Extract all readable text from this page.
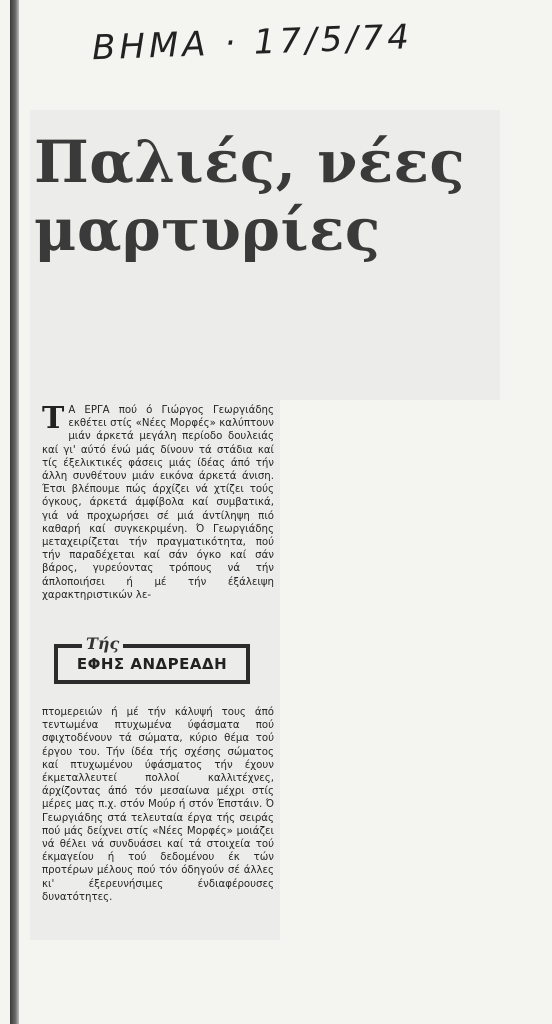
ΒΗΜΑ · 17/5/74
Παλιές, νέες
μαρτυρίες

Τ Α ΕΡΓΑ πού ό Γιώργος Γεωργιάδης εκθέτει στίς «Νέες Μορφές» καλύπτουν μιάν άρκετά μεγάλη περίοδο δουλειάς καί γι' αύτό ένώ μάς δίνουν τά στάδια καί τίς έξελικτικές φάσεις μιάς ίδέας άπό τήν άλλη συνθέτουν μιάν εικόνα άρκετά άνιση. Έτσι βλέπουμε πώς άρχίζει νά χτίζει τούς όγκους, άρκετά άμφίβολα καί συμβατικά, γιά νά προχωρήσει σέ μιά άντίληψη πιό καθαρή καί συγκεκριμένη. Ό Γεωργιάδης μεταχειρίζεται τήν πραγματικότητα, πού τήν παραδέχεται καί σάν όγκο καί σάν βάρος, γυρεύοντας τρόπους νά τήν άπλοποιήσει ή μέ τήν έξάλειψη χαρακτηριστικών λε-

Τής
ΕΦΗΣ ΑΝΔΡΕΑΔΗ

πτομερειών ή μέ τήν κάλυψή τους άπό τεντωμένα πτυχωμένα ύφάσματα πού σφιχτοδένουν τά σώματα, κύριο θέμα τού έργου του. Τήν ίδέα τής σχέσης σώματος καί πτυχωμένου ύφάσματος τήν έχουν έκμεταλλευτεί πολλοί καλλιτέχνες, άρχίζοντας άπό τόν μεσαίωνα μέχρι στίς μέρες μας π.χ. στόν Μούρ ή στόν Έπστάιν. Ό Γεωργιάδης στά τελευταία έργα τής σειράς πού μάς δείχνει στίς «Νέες Μορφές» μοιάζει νά θέλει νά συνδυάσει καί τά στοιχεία τού έκμαγείου ή τού δεδομένου έκ τών προτέρων μέλους πού τόν όδηγούν σέ άλλες κι' έξερευνήσιμες ένδιαφέρουσες δυνατότητες.
